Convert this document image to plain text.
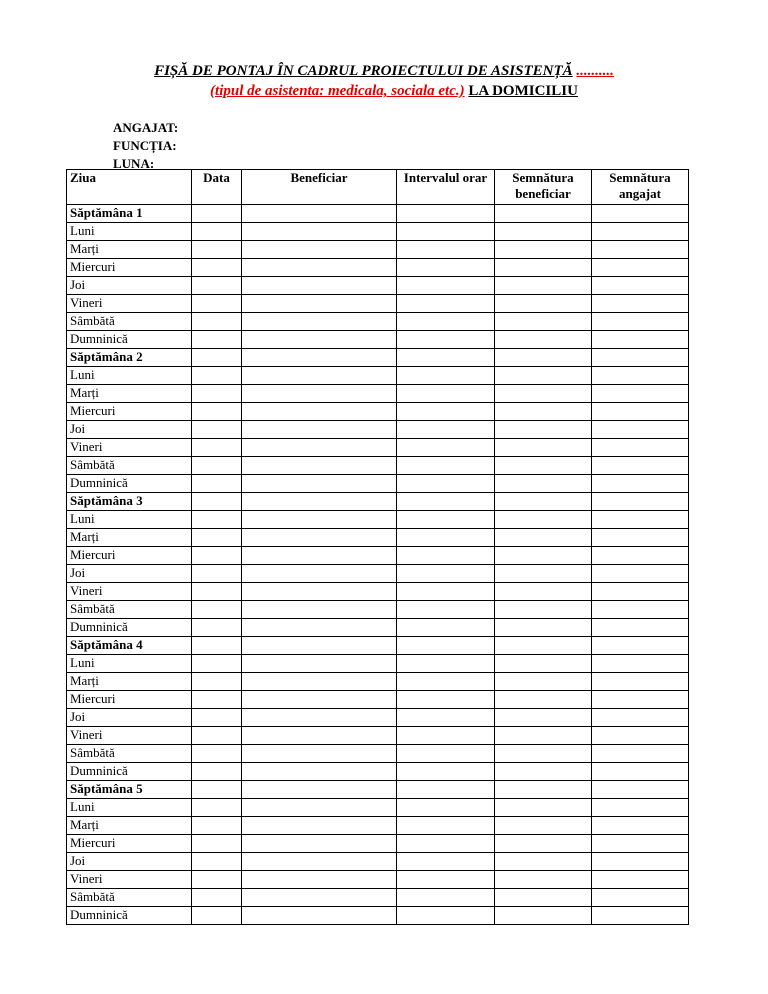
FIȘĂ DE PONTAJ ÎN CADRUL PROIECTULUI DE ASISTENȚĂ ..........
(tipul de asistenta: medicala, sociala etc.) LA DOMICILIU
ANGAJAT:
FUNCȚIA:
LUNA:
Ziua	Data	Beneficiar	Intervalul orar	Semnătura beneficiar	Semnătura angajat
Săptămâna 1					
Luni					
Marți					
Miercuri					
Joi					
Vineri					
Sâmbătă					
Dumninică					
Săptămâna 2					
Luni					
Marți					
Miercuri					
Joi					
Vineri					
Sâmbătă					
Dumninică					
Săptămâna 3					
Luni					
Marți					
Miercuri					
Joi					
Vineri					
Sâmbătă					
Dumninică					
Săptămâna 4					
Luni					
Marți					
Miercuri					
Joi					
Vineri					
Sâmbătă					
Dumninică					
Săptămâna 5					
Luni					
Marți					
Miercuri					
Joi					
Vineri					
Sâmbătă					
Dumninică					
